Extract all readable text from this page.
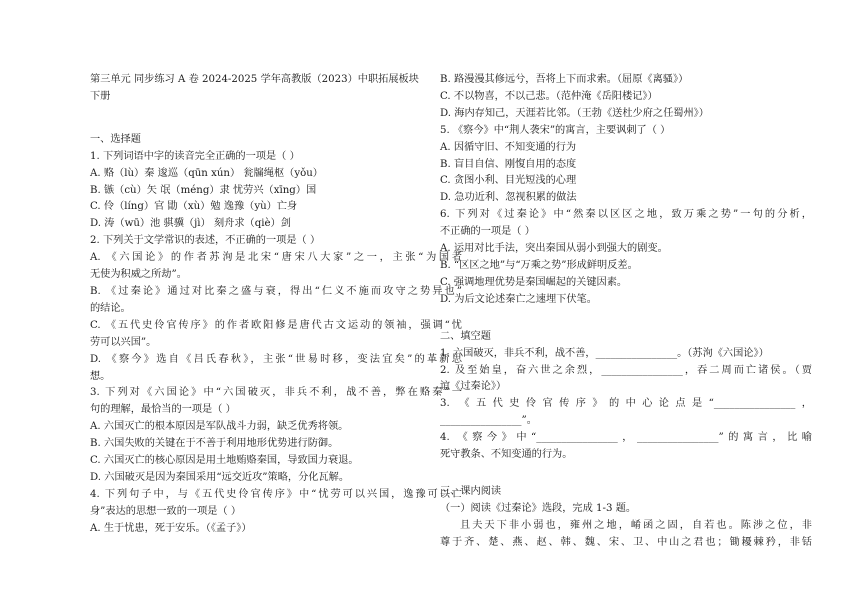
第三单元 同步练习 A 卷 2024-2025 学年高教版（2023）中职拓展板块
下册
一、选择题
1. 下列词语中字的读音完全正确的一项是（ ）
A. 赂（lù）秦 逡巡（qūn xún） 瓮牖绳枢（yǒu）
B. 镞（cù）矢 氓（méng）隶 忧劳兴（xīng）国
C. 伶（líng）官 勖（xù）勉 逸豫（yù）亡身
D. 涛（wū）池 骐骥（jì） 刻舟求（qiè）剑
2. 下列关于文学常识的表述，不正确的一项是（ ）
A. 《六国论》的作者苏洵是北宋“唐宋八大家”之一，主张“为国者
无使为积威之所劫”。
B. 《过秦论》通过对比秦之盛与衰，得出“仁义不施而攻守之势异也”
的结论。
C. 《五代史伶官传序》的作者欧阳修是唐代古文运动的领袖，强调“忧
劳可以兴国”。
D. 《察今》选自《吕氏春秋》，主张“世易时移，变法宜矣”的革新思
想。
3. 下列对《六国论》中“六国破灭，非兵不利，战不善，弊在赂秦”一
句的理解，最恰当的一项是（ ）
A. 六国灭亡的根本原因是军队战斗力弱，缺乏优秀将领。
B. 六国失败的关键在于不善于利用地形优势进行防御。
C. 六国灭亡的核心原因是用土地贿赂秦国，导致国力衰退。
D. 六国破灭是因为秦国采用“远交近攻”策略，分化瓦解。
4. 下列句子中，与《五代史伶官传序》中“忧劳可以兴国，逸豫可以亡
身”表达的思想一致的一项是（ ）
A. 生于忧患，死于安乐。（《孟子》）
B. 路漫漫其修远兮，吾将上下而求索。（屈原《离骚》）
C. 不以物喜，不以己悲。（范仲淹《岳阳楼记》）
D. 海内存知己，天涯若比邻。（王勃《送杜少府之任蜀州》）
5. 《察今》中“荆人袭宋”的寓言，主要讽刺了（ ）
A. 因循守旧、不知变通的行为
B. 盲目自信、刚愎自用的态度
C. 贪图小利、目光短浅的心理
D. 急功近利、忽视积累的做法
6. 下列对《过秦论》中“然秦以区区之地，致万乘之势”一句的分析，
不正确的一项是（ ）
A. 运用对比手法，突出秦国从弱小到强大的剧变。
B. “区区之地”与“万乘之势”形成鲜明反差。
C. 强调地理优势是秦国崛起的关键因素。
D. 为后文论述秦亡之速埋下伏笔。
二、填空题
1. 六国破灭，非兵不利，战不善，________________。（苏洵《六国论》）
2. 及至始皇，奋六世之余烈，________________，吞二周而亡诸侯。（贾
谊《过秦论》）
3. 《五代史伶官传序》的中心论点是“________________，
________________”。
4. 《察今》中“________________，________________”的寓言，比喻
死守教条、不知变通的行为。
三、课内阅读
（一）阅读《过秦论》选段，完成 1-3 题。
且夫天下非小弱也，雍州之地，崤函之固，自若也。陈涉之位，非
尊于齐、楚、燕、赵、韩、魏、宋、卫、中山之君也；锄耰棘矜，非铦
